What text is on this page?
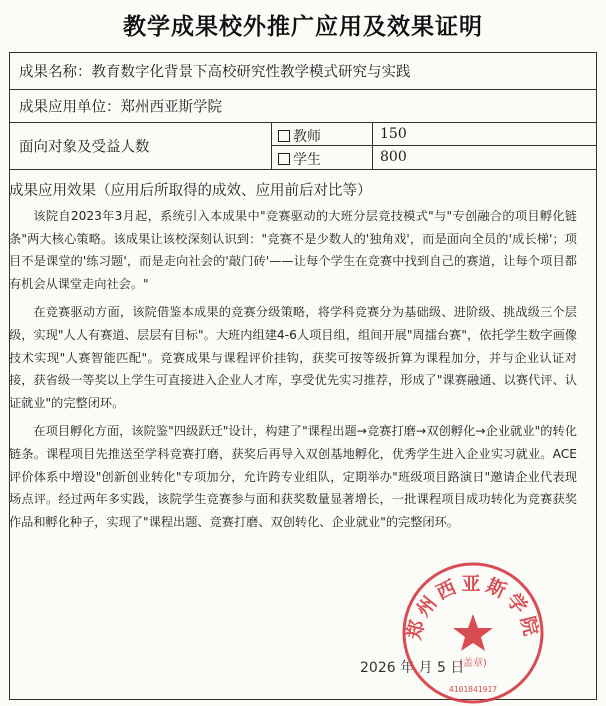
教学成果校外推广应用及效果证明
成果名称：教育数字化背景下高校研究性教学模式研究与实践
成果应用单位：郑州西亚斯学院
面向对象及受益人数
教师	150
学生	800
成果应用效果（应用后所取得的成效、应用前后对比等）

该院自2023年3月起，系统引入本成果中"竞赛驱动的大班分层竞技模式"与"专创融合的项目孵化链条"两大核心策略。该成果让该校深刻认识到："竞赛不是少数人的'独角戏'，而是面向全员的'成长梯'；项目不是课堂的'练习题'，而是走向社会的'敲门砖'——让每个学生在竞赛中找到自己的赛道，让每个项目都有机会从课堂走向社会。"

在竞赛驱动方面，该院借鉴本成果的竞赛分级策略，将学科竞赛分为基础级、进阶级、挑战级三个层级，实现"人人有赛道、层层有目标"。大班内组建4-6人项目组，组间开展"周擂台赛"，依托学生数字画像技术实现"人赛智能匹配"。竞赛成果与课程评价挂钩，获奖可按等级折算为课程加分，并与企业认证对接，获省级一等奖以上学生可直接进入企业人才库，享受优先实习推荐，形成了"课赛融通、以赛代评、认证就业"的完整闭环。

在项目孵化方面，该院鉴"四级跃迁"设计，构建了"课程出题→竞赛打磨→双创孵化→企业就业"的转化链条。课程项目先推送至学科竞赛打磨，获奖后再导入双创基地孵化，优秀学生进入企业实习就业。ACE评价体系中增设"创新创业转化"专项加分，允许跨专业组队，定期举办"班级项目路演日"邀请企业代表现场点评。经过两年多实践，该院学生竞赛参与面和获奖数量显著增长，一批课程项目成功转化为竞赛获奖作品和孵化种子，实现了"课程出题、竞赛打磨、双创转化、企业就业"的完整闭环。

2026 年 月 5 日
郑州西亚斯学院
(盖章)
4101841917
